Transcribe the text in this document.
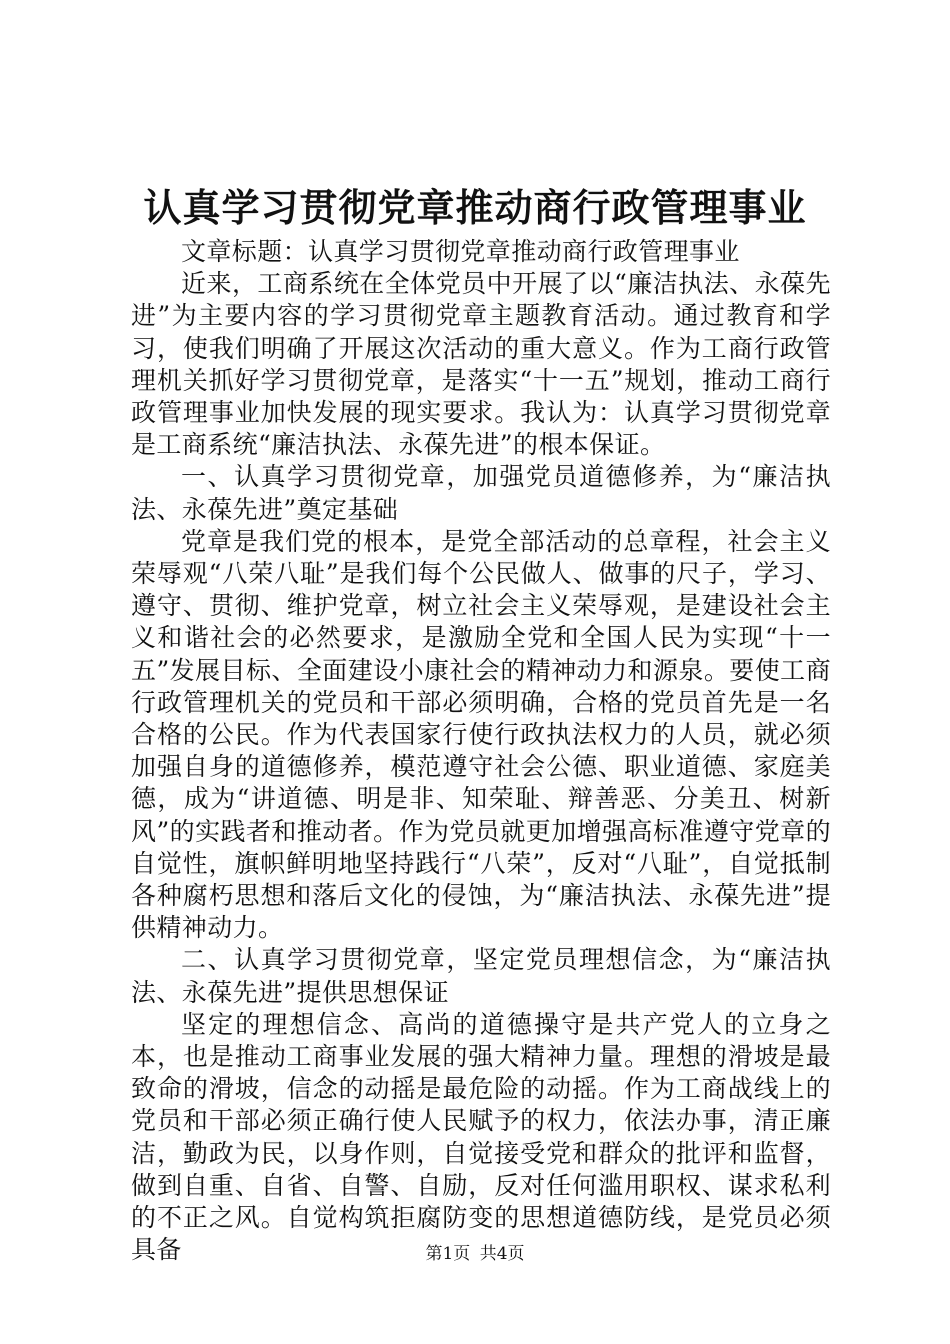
认真学习贯彻党章推动商行政管理事业

文章标题：认真学习贯彻党章推动商行政管理事业

近来，工商系统在全体党员中开展了以“廉洁执法、永葆先进”为主要内容的学习贯彻党章主题教育活动。通过教育和学习，使我们明确了开展这次活动的重大意义。作为工商行政管理机关抓好学习贯彻党章，是落实“十一五”规划，推动工商行政管理事业加快发展的现实要求。我认为：认真学习贯彻党章是工商系统“廉洁执法、永葆先进”的根本保证。

一、认真学习贯彻党章，加强党员道德修养，为“廉洁执法、永葆先进”奠定基础

党章是我们党的根本，是党全部活动的总章程，社会主义荣辱观“八荣八耻”是我们每个公民做人、做事的尺子，学习、遵守、贯彻、维护党章，树立社会主义荣辱观，是建设社会主义和谐社会的必然要求，是激励全党和全国人民为实现“十一五”发展目标、全面建设小康社会的精神动力和源泉。要使工商行政管理机关的党员和干部必须明确，合格的党员首先是一名合格的公民。作为代表国家行使行政执法权力的人员，就必须加强自身的道德修养，模范遵守社会公德、职业道德、家庭美德，成为“讲道德、明是非、知荣耻、辩善恶、分美丑、树新风”的实践者和推动者。作为党员就更加增强高标准遵守党章的自觉性，旗帜鲜明地坚持践行“八荣”，反对“八耻”，自觉抵制各种腐朽思想和落后文化的侵蚀，为“廉洁执法、永葆先进”提供精神动力。

二、认真学习贯彻党章，坚定党员理想信念，为“廉洁执法、永葆先进”提供思想保证

坚定的理想信念、高尚的道德操守是共产党人的立身之本，也是推动工商事业发展的强大精神力量。理想的滑坡是最致命的滑坡，信念的动摇是最危险的动摇。作为工商战线上的党员和干部必须正确行使人民赋予的权力，依法办事，清正廉洁，勤政为民，以身作则，自觉接受党和群众的批评和监督，做到自重、自省、自警、自励，反对任何滥用职权、谋求私利的不正之风。自觉构筑拒腐防变的思想道德防线，是党员必须具备	第1页 共4页
